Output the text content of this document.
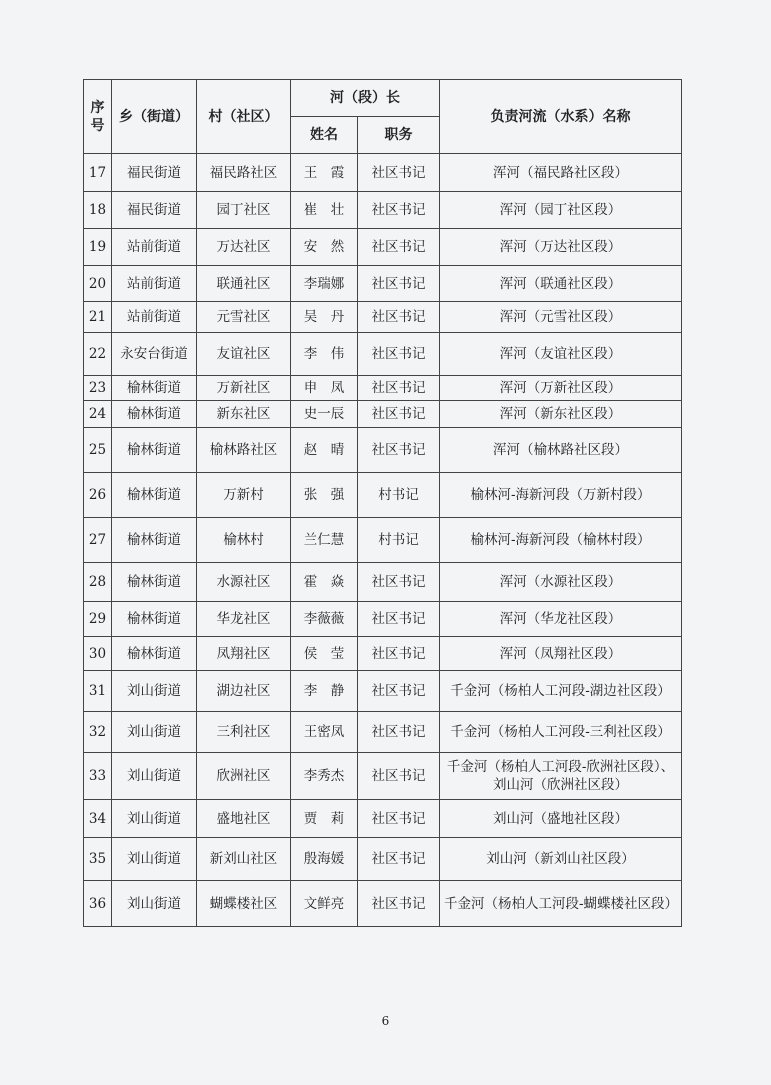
序号	乡（街道）	村（社区）	河（段）长		负责河流（水系）名称
			姓名	职务	
17	福民街道	福民路社区	王　霞	社区书记	浑河（福民路社区段）
18	福民街道	园丁社区	崔　壮	社区书记	浑河（园丁社区段）
19	站前街道	万达社区	安　然	社区书记	浑河（万达社区段）
20	站前街道	联通社区	李瑞娜	社区书记	浑河（联通社区段）
21	站前街道	元雪社区	吴　丹	社区书记	浑河（元雪社区段）
22	永安台街道	友谊社区	李　伟	社区书记	浑河（友谊社区段）
23	榆林街道	万新社区	申　凤	社区书记	浑河（万新社区段）
24	榆林街道	新东社区	史一辰	社区书记	浑河（新东社区段）
25	榆林街道	榆林路社区	赵　晴	社区书记	浑河（榆林路社区段）
26	榆林街道	万新村	张　强	村书记	榆林河-海新河段（万新村段）
27	榆林街道	榆林村	兰仁慧	村书记	榆林河-海新河段（榆林村段）
28	榆林街道	水源社区	霍　焱	社区书记	浑河（水源社区段）
29	榆林街道	华龙社区	李薇薇	社区书记	浑河（华龙社区段）
30	榆林街道	凤翔社区	侯　莹	社区书记	浑河（凤翔社区段）
31	刘山街道	湖边社区	李　静	社区书记	千金河（杨柏人工河段-湖边社区段）
32	刘山街道	三利社区	王密凤	社区书记	千金河（杨柏人工河段-三利社区段）
33	刘山街道	欣洲社区	李秀杰	社区书记	千金河（杨柏人工河段-欣洲社区段）、刘山河（欣洲社区段）
34	刘山街道	盛地社区	贾　莉	社区书记	刘山河（盛地社区段）
35	刘山街道	新刘山社区	殷海媛	社区书记	刘山河（新刘山社区段）
36	刘山街道	蝴蝶楼社区	文鲜亮	社区书记	千金河（杨柏人工河段-蝴蝶楼社区段）
6
